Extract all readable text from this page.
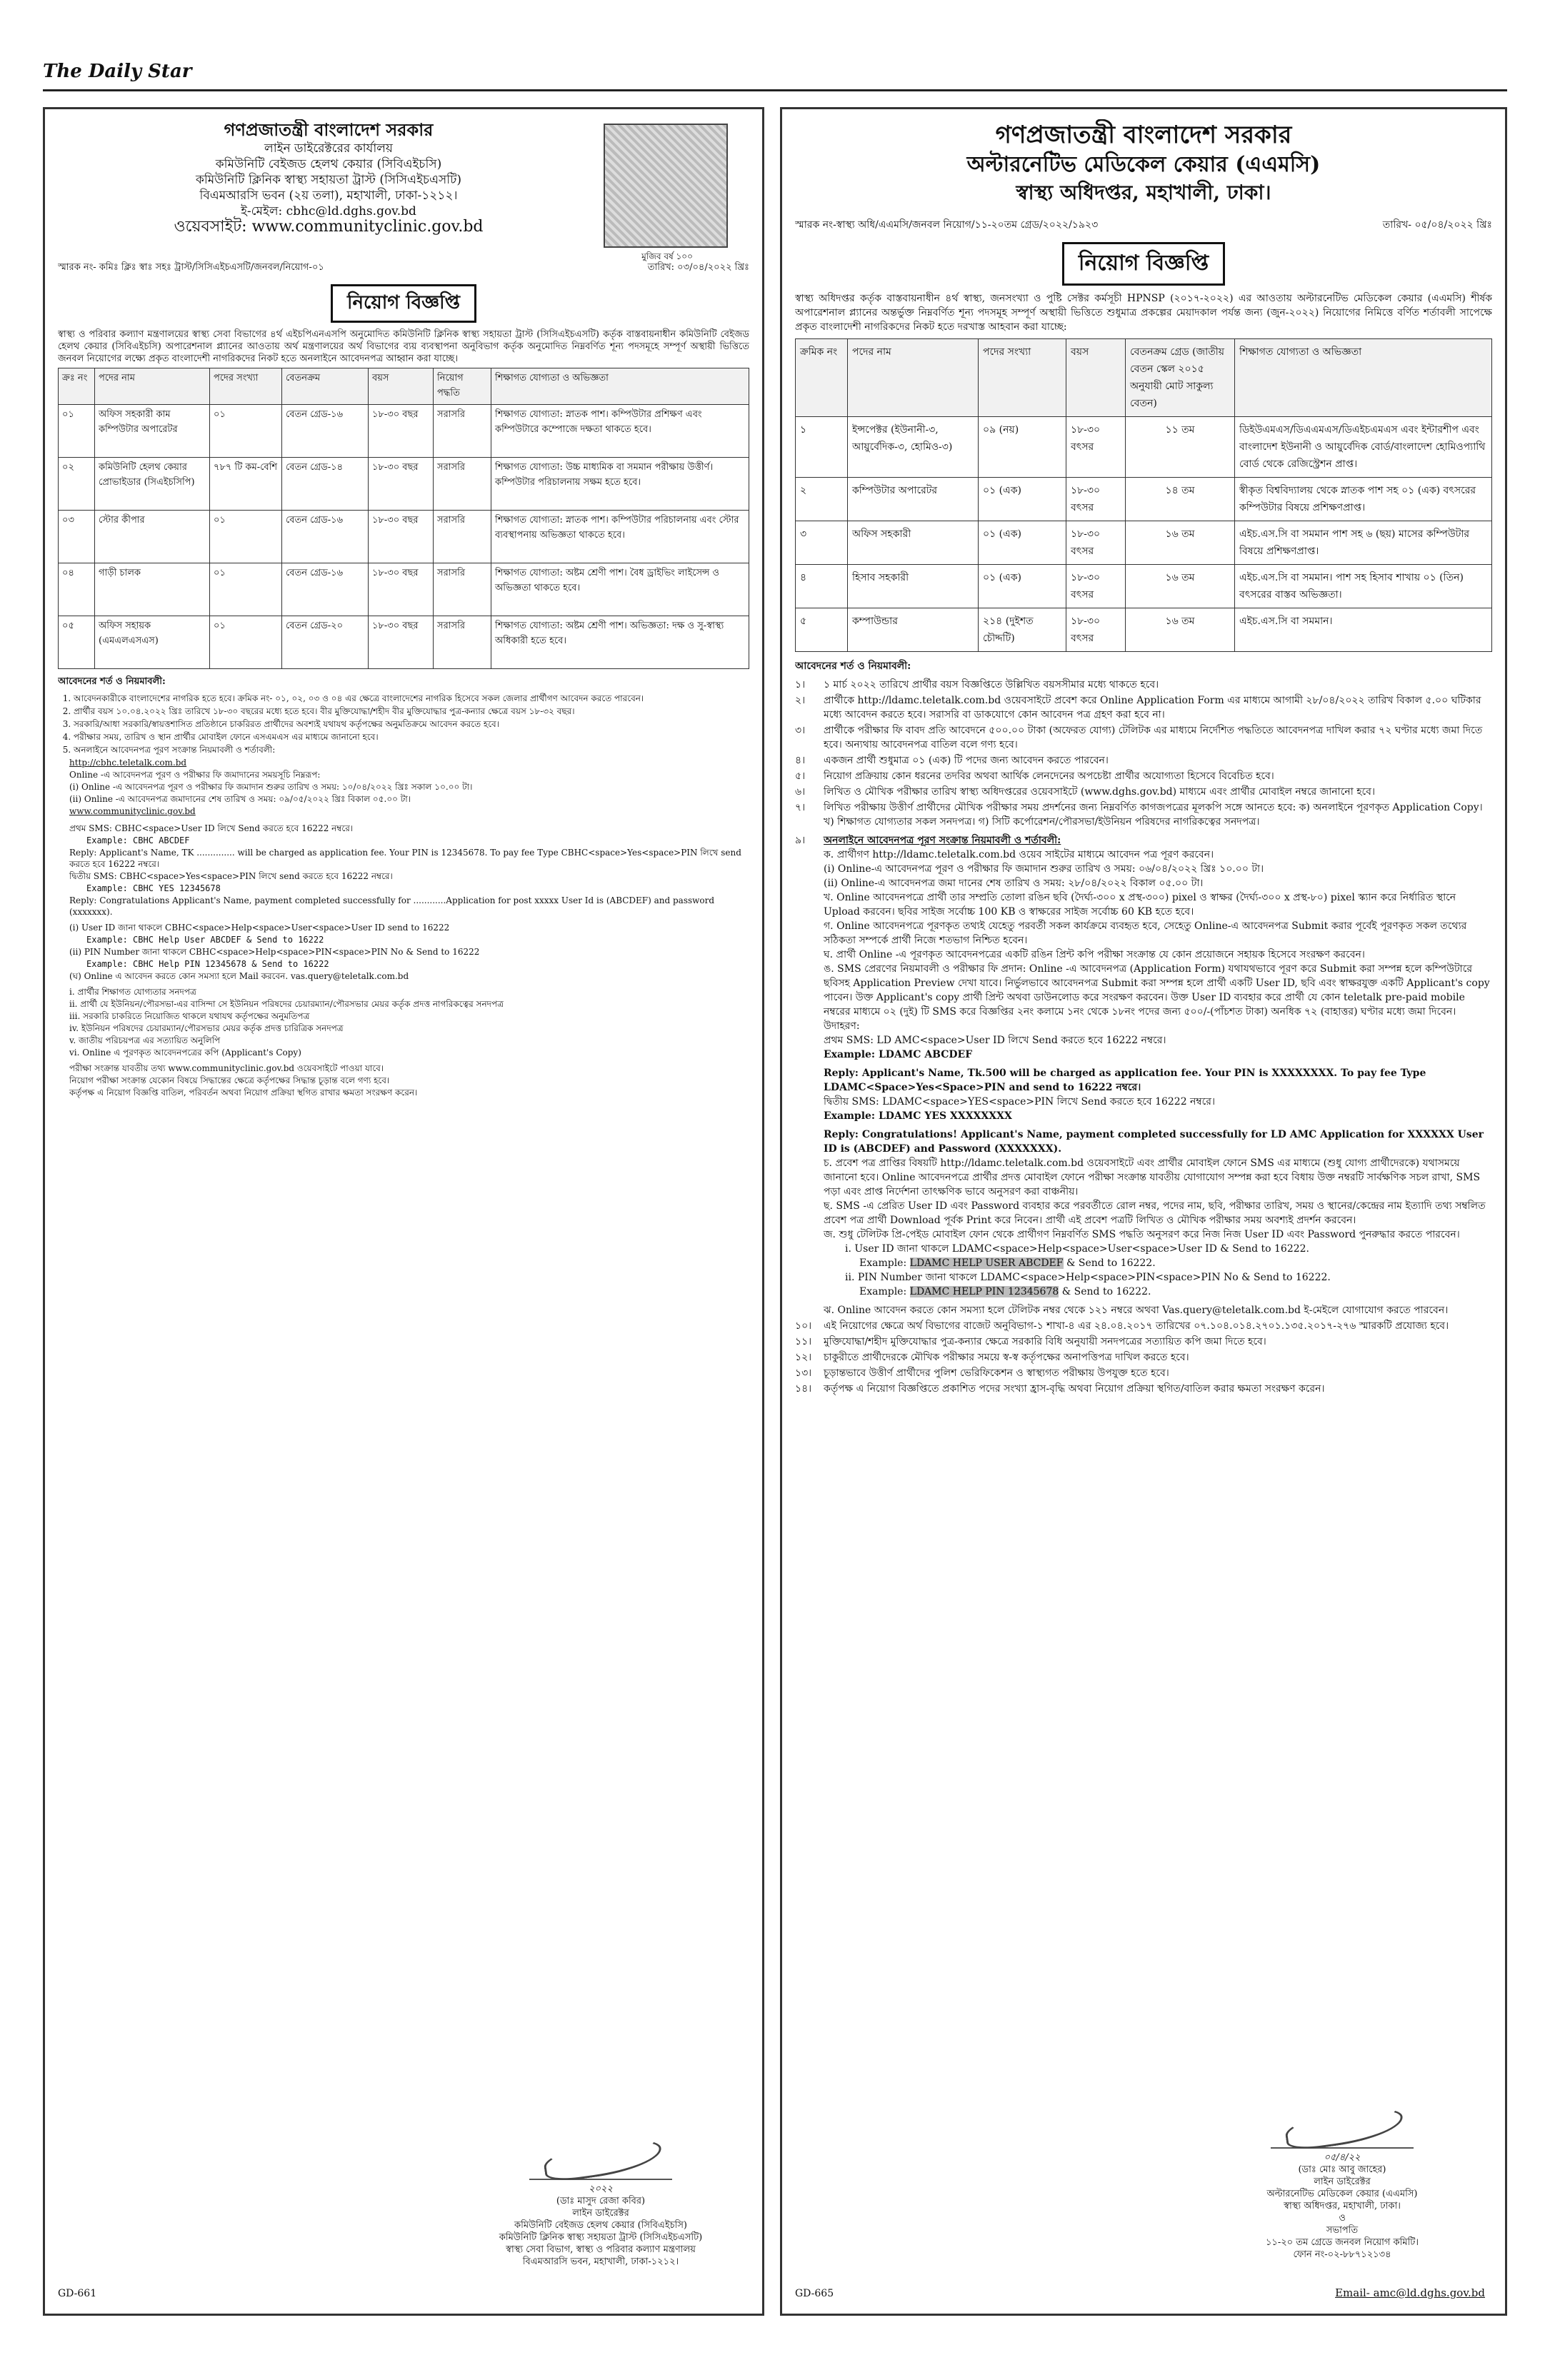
The Daily Star
মুজিব বর্ষ ১০০
গণপ্রজাতন্ত্রী বাংলাদেশ সরকার
লাইন ডাইরেক্টরের কার্যালয়
কমিউনিটি বেইজড হেলথ কেয়ার (সিবিএইচসি)
কমিউনিটি ক্লিনিক স্বাস্থ্য সহায়তা ট্রাস্ট (সিসিএইচএসটি)
বিএমআরসি ভবন (২য় তলা), মহাখালী, ঢাকা-১২১২।
ই-মেইল: cbhc@ld.dghs.gov.bd
ওয়েবসাইট: www.communityclinic.gov.bd
স্মারক নং- কমিঃ ক্লিঃ স্বাঃ সহঃ ট্রাস্ট/সিসিএইচএসটি/জনবল/নিয়োগ-০১	তারিখ: ০৩/০৪/২০২২ খ্রিঃ
নিয়োগ বিজ্ঞপ্তি
স্বাস্থ্য ও পরিবার কল্যাণ মন্ত্রণালয়ের স্বাস্থ্য সেবা বিভাগের ৪র্থ এইচপিএনএসপি অনুমোদিত কমিউনিটি ক্লিনিক স্বাস্থ্য সহায়তা ট্রাস্ট (সিসিএইচএসটি) কর্তৃক বাস্তবায়নাধীন কমিউনিটি বেইজড হেলথ কেয়ার (সিবিএইচসি) অপারেশনাল প্ল্যানের আওতায় অর্থ মন্ত্রণালয়ের অর্থ বিভাগের ব্যয় ব্যবস্থাপনা অনুবিভাগ কর্তৃক অনুমোদিত নিম্নবর্ণিত শূন্য পদসমূহে সম্পূর্ণ অস্থায়ী ভিত্তিতে জনবল নিয়োগের লক্ষ্যে প্রকৃত বাংলাদেশী নাগরিকদের নিকট হতে অনলাইনে আবেদনপত্র আহ্বান করা যাচ্ছে।
ক্রঃ নং	পদের নাম	পদের সংখ্যা	বেতনক্রম	বয়স	নিয়োগ পদ্ধতি	শিক্ষাগত যোগ্যতা ও অভিজ্ঞতা
০১	অফিস সহকারী কাম কম্পিউটার অপারেটর	০১	বেতন গ্রেড-১৬	১৮-৩০ বছর	সরাসরি	শিক্ষাগত যোগ্যতা: স্নাতক পাশ। কম্পিউটার প্রশিক্ষণ এবং কম্পিউটারে কম্পোজে দক্ষতা থাকতে হবে।
০২	কমিউনিটি হেলথ কেয়ার প্রোভাইডার (সিএইচসিপি)	৭৮৭ টি কম-বেশি	বেতন গ্রেড-১৪	১৮-৩০ বছর	সরাসরি	শিক্ষাগত যোগ্যতা: উচ্চ মাধ্যমিক বা সমমান পরীক্ষায় উত্তীর্ণ। কম্পিউটার পরিচালনায় সক্ষম হতে হবে।
০৩	স্টোর কীপার	০১	বেতন গ্রেড-১৬	১৮-৩০ বছর	সরাসরি	শিক্ষাগত যোগ্যতা: স্নাতক পাশ। কম্পিউটার পরিচালনায় এবং স্টোর ব্যবস্থাপনায় অভিজ্ঞতা থাকতে হবে।
০৪	গাড়ী চালক	০১	বেতন গ্রেড-১৬	১৮-৩০ বছর	সরাসরি	শিক্ষাগত যোগ্যতা: অষ্টম শ্রেণী পাশ। বৈধ ড্রাইভিং লাইসেন্স ও অভিজ্ঞতা থাকতে হবে।
০৫	অফিস সহায়ক (এমএলএসএস)	০১	বেতন গ্রেড-২০	১৮-৩০ বছর	সরাসরি	শিক্ষাগত যোগ্যতা: অষ্টম শ্রেণী পাশ। অভিজ্ঞতা: দক্ষ ও সু-স্বাস্থ্য অধিকারী হতে হবে।
আবেদনের শর্ত ও নিয়মাবলী:
1. আবেদনকারীকে বাংলাদেশের নাগরিক হতে হবে। ক্রমিক নং- ০১, ০২, ০৩ ও ০৪ এর ক্ষেত্রে বাংলাদেশের নাগরিক হিসেবে সকল জেলার প্রার্থীগণ আবেদন করতে পারবেন।
2. প্রার্থীর বয়স ১০.০৪.২০২২ খ্রিঃ তারিখে ১৮-৩০ বছরের মধ্যে হতে হবে। বীর মুক্তিযোদ্ধা/শহীদ বীর মুক্তিযোদ্ধার পুত্র-কন্যার ক্ষেত্রে বয়স ১৮-৩২ বছর।
3. সরকারি/আধা সরকারি/স্বায়ত্তশাসিত প্রতিষ্ঠানে চাকরিরত প্রার্থীদের অবশ্যই যথাযথ কর্তৃপক্ষের অনুমতিক্রমে আবেদন করতে হবে।
4. পরীক্ষার সময়, তারিখ ও স্থান প্রার্থীর মোবাইল ফোনে এসএমএস এর মাধ্যমে জানানো হবে।
5. অনলাইনে আবেদনপত্র পূরণ সংক্রান্ত নিয়মাবলী ও শর্তাবলী:
http://cbhc.teletalk.com.bd
Online -এ আবেদনপত্র পূরণ ও পরীক্ষার ফি জমাদানের সময়সূচি নিম্নরূপ:
(i) Online -এ আবেদনপত্র পূরণ ও পরীক্ষার ফি জমাদান শুরুর তারিখ ও সময়: ১০/০৪/২০২২ খ্রিঃ সকাল ১০.০০ টা।
(ii) Online -এ আবেদনপত্র জমাদানের শেষ তারিখ ও সময়: ০৯/০৫/২০২২ খ্রিঃ বিকাল ০৫.০০ টা।
www.communityclinic.gov.bd
প্রথম SMS: CBHC<space>User ID লিখে Send করতে হবে 16222 নম্বরে।
Example: CBHC ABCDEF
Reply: Applicant's Name, TK .............. will be charged as application fee. Your PIN is 12345678. To pay fee Type CBHC<space>Yes<space>PIN লিখে send করতে হবে 16222 নম্বরে।
দ্বিতীয় SMS: CBHC<space>Yes<space>PIN লিখে send করতে হবে 16222 নম্বরে।
Example: CBHC YES 12345678
Reply: Congratulations Applicant's Name, payment completed successfully for ............Application for post xxxxx User Id is (ABCDEF) and password (xxxxxxx).
(i) User ID জানা থাকলে CBHC<space>Help<space>User<space>User ID send to 16222
Example: CBHC Help User ABCDEF & Send to 16222
(ii) PIN Number জানা থাকলে CBHC<space>Help<space>PIN<space>PIN No & Send to 16222
Example: CBHC Help PIN 12345678 & Send to 16222
(ঘ) Online এ আবেদন করতে কোন সমস্যা হলে Mail করবেন. vas.query@teletalk.com.bd
i. প্রার্থীর শিক্ষাগত যোগ্যতার সনদপত্র
ii. প্রার্থী যে ইউনিয়ন/পৌরসভা-এর বাসিন্দা সে ইউনিয়ন পরিষদের চেয়ারম্যান/পৌরসভার মেয়র কর্তৃক প্রদত্ত নাগরিকত্বের সনদপত্র
iii. সরকারি চাকরিতে নিয়োজিত থাকলে যথাযথ কর্তৃপক্ষের অনুমতিপত্র
iv. ইউনিয়ন পরিষদের চেয়ারম্যান/পৌরসভার মেয়র কর্তৃক প্রদত্ত চারিত্রিক সনদপত্র
v. জাতীয় পরিচয়পত্র এর সত্যায়িত অনুলিপি
vi. Online এ পূরণকৃত আবেদনপত্রের কপি (Applicant's Copy)
পরীক্ষা সংক্রান্ত যাবতীয় তথ্য www.communityclinic.gov.bd ওয়েবসাইটে পাওয়া যাবে।
নিয়োগ পরীক্ষা সংক্রান্ত যেকোন বিষয়ে সিদ্ধান্তের ক্ষেত্রে কর্তৃপক্ষের সিদ্ধান্ত চূড়ান্ত বলে গণ্য হবে।
কর্তৃপক্ষ এ নিয়োগ বিজ্ঞপ্তি বাতিল, পরিবর্তন অথবা নিয়োগ প্রক্রিয়া স্থগিত রাখার ক্ষমতা সংরক্ষণ করেন।
২০২২
(ডাঃ মাসুদ রেজা কবির)
লাইন ডাইরেক্টর
কমিউনিটি বেইজড হেলথ কেয়ার (সিবিএইচসি)
কমিউনিটি ক্লিনিক স্বাস্থ্য সহায়তা ট্রাস্ট (সিসিএইচএসটি)
স্বাস্থ্য সেবা বিভাগ, স্বাস্থ্য ও পরিবার কল্যাণ মন্ত্রণালয়
বিএমআরসি ভবন, মহাখালী, ঢাকা-১২১২।
GD-661
গণপ্রজাতন্ত্রী বাংলাদেশ সরকার
অল্টারনেটিভ মেডিকেল কেয়ার (এএমসি)
স্বাস্থ্য অধিদপ্তর, মহাখালী, ঢাকা।
স্মারক নং-স্বাস্থ্য অধি/এএমসি/জনবল নিয়োগ/১১-২০তম গ্রেড/২০২২/১৯২৩	তারিখ- ০৫/০৪/২০২২ খ্রিঃ
নিয়োগ বিজ্ঞপ্তি
স্বাস্থ্য অধিদপ্তর কর্তৃক বাস্তবায়নাধীন ৪র্থ স্বাস্থ্য, জনসংখ্যা ও পুষ্টি সেক্টর কর্মসূচী HPNSP (২০১৭-২০২২) এর আওতায় অল্টারনেটিভ মেডিকেল কেয়ার (এএমসি) শীর্ষক অপারেশনাল প্ল্যানের অন্তর্ভুক্ত নিম্নবর্ণিত শূন্য পদসমূহ সম্পূর্ণ অস্থায়ী ভিত্তিতে শুধুমাত্র প্রকল্পের মেয়াদকাল পর্যন্ত জন্য (জুন-২০২২) নিয়োগের নিমিত্তে বর্ণিত শর্তাবলী সাপেক্ষে প্রকৃত বাংলাদেশী নাগরিকদের নিকট হতে দরখাস্ত আহবান করা যাচ্ছে:
ক্রমিক নং	পদের নাম	পদের সংখ্যা	বয়স	বেতনক্রম গ্রেড (জাতীয় বেতন স্কেল ২০১৫ অনুযায়ী মোট সাকুল্য বেতন)	শিক্ষাগত যোগ্যতা ও অভিজ্ঞতা
১	ইন্সপেক্টর (ইউনানী-৩, আয়ুর্বেদিক-৩, হোমিও-৩)	০৯ (নয়)	১৮-৩০ বৎসর	১১ তম	ডিইউএমএস/ডিএএমএস/ডিএইচএমএস এবং ইন্টারশীপ এবং বাংলাদেশ ইউনানী ও আয়ুর্বেদিক বোর্ড/বাংলাদেশ হোমিওপ্যাথি বোর্ড থেকে রেজিস্ট্রেশন প্রাপ্ত।
২	কম্পিউটার অপারেটর	০১ (এক)	১৮-৩০ বৎসর	১৪ তম	স্বীকৃত বিশ্ববিদ্যালয় থেকে স্নাতক পাশ সহ ০১ (এক) বৎসরের কম্পিউটার বিষয়ে প্রশিক্ষণপ্রাপ্ত।
৩	অফিস সহকারী	০১ (এক)	১৮-৩০ বৎসর	১৬ তম	এইচ.এস.সি বা সমমান পাশ সহ ৬ (ছয়) মাসের কম্পিউটার বিষয়ে প্রশিক্ষণপ্রাপ্ত।
৪	হিসাব সহকারী	০১ (এক)	১৮-৩০ বৎসর	১৬ তম	এইচ.এস.সি বা সমমান। পাশ সহ হিসাব শাখায় ০১ (তিন) বৎসরের বাস্তব অভিজ্ঞতা।
৫	কম্পাউন্ডার	২১৪ (দুইশত চৌদ্দটি)	১৮-৩০ বৎসর	১৬ তম	এইচ.এস.সি বা সমমান।
আবেদনের শর্ত ও নিয়মাবলী:
১।	১ মার্চ ২০২২ তারিখে প্রার্থীর বয়স বিজ্ঞপ্তিতে উল্লিখিত বয়সসীমার মধ্যে থাকতে হবে।
২।	প্রার্থীকে http://ldamc.teletalk.com.bd ওয়েবসাইটে প্রবেশ করে Online Application Form এর মাধ্যমে আগামী ২৮/০৪/২০২২ তারিখ বিকাল ৫.০০ ঘটিকার মধ্যে আবেদন করতে হবে। সরাসরি বা ডাকযোগে কোন আবেদন পত্র গ্রহণ করা হবে না।
৩।	প্রার্থীকে পরীক্ষার ফি বাবদ প্রতি আবেদনে ৫০০.০০ টাকা (অফেরত যোগ্য) টেলিটক এর মাধ্যমে নির্দেশিত পদ্ধতিতে আবেদনপত্র দাখিল করার ৭২ ঘণ্টার মধ্যে জমা দিতে হবে। অন্যথায় আবেদনপত্র বাতিল বলে গণ্য হবে।
৪।	একজন প্রার্থী শুধুমাত্র ০১ (এক) টি পদের জন্য আবেদন করতে পারবেন।
৫।	নিয়োগ প্রক্রিয়ায় কোন ধরনের তদবির অথবা আর্থিক লেনদেনের অপচেষ্টা প্রার্থীর অযোগ্যতা হিসেবে বিবেচিত হবে।
৬।	লিখিত ও মৌখিক পরীক্ষার তারিখ স্বাস্থ্য অধিদপ্তরের ওয়েবসাইটে (www.dghs.gov.bd) মাধ্যমে এবং প্রার্থীর মোবাইল নম্বরে জানানো হবে।
৭।	লিখিত পরীক্ষায় উত্তীর্ণ প্রার্থীদের মৌখিক পরীক্ষার সময় প্রদর্শনের জন্য নিম্নবর্ণিত কাগজপত্রের মূলকপি সঙ্গে আনতে হবে: ক) অনলাইনে পূরণকৃত Application Copy। খ) শিক্ষাগত যোগ্যতার সকল সনদপত্র। গ) সিটি কর্পোরেশন/পৌরসভা/ইউনিয়ন পরিষদের নাগরিকত্বের সনদপত্র।
৯।	অনলাইনে আবেদনপত্র পূরণ সংক্রান্ত নিয়মাবলী ও শর্তাবলী:
ক. প্রার্থীগণ http://ldamc.teletalk.com.bd ওয়েব সাইটের মাধ্যমে আবেদন পত্র পূরণ করবেন।
(i) Online-এ আবেদনপত্র পূরণ ও পরীক্ষার ফি জমাদান শুরুর তারিখ ও সময়: ০৬/০৪/২০২২ খ্রিঃ ১০.০০ টা।
(ii) Online-এ আবেদনপত্র জমা দানের শেষ তারিখ ও সময়: ২৮/০৪/২০২২ বিকাল ০৫.০০ টা।
খ. Online আবেদনপত্রে প্রার্থী তার সম্প্রতি তোলা রঙিন ছবি (দৈর্ঘ্য-৩০০ x প্রস্থ-৩০০) pixel ও স্বাক্ষর (দৈর্ঘ্য-৩০০ x প্রস্থ-৮০) pixel স্ক্যান করে নির্ধারিত স্থানে Upload করবেন। ছবির সাইজ সর্বোচ্চ 100 KB ও স্বাক্ষরের সাইজ সর্বোচ্চ 60 KB হতে হবে।
গ. Online আবেদনপত্রে পূরণকৃত তথ্যই যেহেতু পরবর্তী সকল কার্যক্রমে ব্যবহৃত হবে, সেহেতু Online-এ আবেদনপত্র Submit করার পূর্বেই পূরণকৃত সকল তথ্যের সঠিকতা সম্পর্কে প্রার্থী নিজে শতভাগ নিশ্চিত হবেন।
ঘ. প্রার্থী Online -এ পূরণকৃত আবেদনপত্রের একটি রঙিন প্রিন্ট কপি পরীক্ষা সংক্রান্ত যে কোন প্রয়োজনে সহায়ক হিসেবে সংরক্ষণ করবেন।
ঙ. SMS প্রেরণের নিয়মাবলী ও পরীক্ষার ফি প্রদান: Online -এ আবেদনপত্র (Application Form) যথাযথভাবে পূরণ করে Submit করা সম্পন্ন হলে কম্পিউটারে ছবিসহ Application Preview দেখা যাবে। নির্ভুলভাবে আবেদনপত্র Submit করা সম্পন্ন হলে প্রার্থী একটি User ID, ছবি এবং স্বাক্ষরযুক্ত একটি Applicant's copy পাবেন। উক্ত Applicant's copy প্রার্থী প্রিন্ট অথবা ডাউনলোড করে সংরক্ষণ করবেন। উক্ত User ID ব্যবহার করে প্রার্থী যে কোন teletalk pre-paid mobile নম্বরের মাধ্যমে ০২ (দুই) টি SMS করে বিজ্ঞপ্তির ২নং কলামে ১নং থেকে ১৮নং পদের জন্য ৫০০/-(পাঁচশত টাকা) অনধিক ৭২ (বাহাত্তর) ঘণ্টার মধ্যে জমা দিবেন।
উদাহরণ:
প্রথম SMS: LD AMC<space>User ID লিখে Send করতে হবে 16222 নম্বরে।
Example: LDAMC ABCDEF
Reply: Applicant's Name, Tk.500 will be charged as application fee. Your PIN is XXXXXXXX. To pay fee Type LDAMC<Space>Yes<Space>PIN and send to 16222 নম্বরে।
দ্বিতীয় SMS: LDAMC<space>YES<space>PIN লিখে Send করতে হবে 16222 নম্বরে।
Example: LDAMC YES XXXXXXXX
Reply: Congratulations! Applicant's Name, payment completed successfully for LD AMC Application for XXXXXX User ID is (ABCDEF) and Password (XXXXXXX).
চ. প্রবেশ পত্র প্রাপ্তির বিষয়টি http://ldamc.teletalk.com.bd ওয়েবসাইটে এবং প্রার্থীর মোবাইল ফোনে SMS এর মাধ্যমে (শুধু যোগ্য প্রার্থীদেরকে) যথাসময়ে জানানো হবে। Online আবেদনপত্রে প্রার্থীর প্রদত্ত মোবাইল ফোনে পরীক্ষা সংক্রান্ত যাবতীয় যোগাযোগ সম্পন্ন করা হবে বিধায় উক্ত নম্বরটি সার্বক্ষণিক সচল রাখা, SMS পড়া এবং প্রাপ্ত নির্দেশনা তাৎক্ষণিক ভাবে অনুসরণ করা বাঞ্চনীয়।
ছ. SMS -এ প্রেরিত User ID এবং Password ব্যবহার করে পরবর্তীতে রোল নম্বর, পদের নাম, ছবি, পরীক্ষার তারিখ, সময় ও স্থানের/কেন্দ্রের নাম ইত্যাদি তথ্য সম্বলিত প্রবেশ পত্র প্রার্থী Download পূর্বক Print করে নিবেন। প্রার্থী এই প্রবেশ পত্রটি লিখিত ও মৌখিক পরীক্ষার সময় অবশ্যই প্রদর্শন করবেন।
জ. শুধু টেলিটক প্রি-পেইড মোবাইল ফোন থেকে প্রার্থীগণ নিম্নবর্ণিত SMS পদ্ধতি অনুসরণ করে নিজ নিজ User ID এবং Password পুনরুদ্ধার করতে পারবেন।
i. User ID জানা থাকলে LDAMC<space>Help<space>User<space>User ID & Send to 16222.
Example: LDAMC HELP USER ABCDEF & Send to 16222.
ii. PIN Number জানা থাকলে LDAMC<space>Help<space>PIN<space>PIN No & Send to 16222.
Example: LDAMC HELP PIN 12345678 & Send to 16222.
ঝ. Online আবেদন করতে কোন সমস্যা হলে টেলিটক নম্বর থেকে ১২১ নম্বরে অথবা Vas.query@teletalk.com.bd ই-মেইলে যোগাযোগ করতে পারবেন।
১০।	এই নিয়োগের ক্ষেত্রে অর্থ বিভাগের বাজেট অনুবিভাগ-১ শাখা-৪ এর ২৪.০৪.২০১৭ তারিখের ০৭.১০৪.০১৪.২৭০১.১৩৫.২০১৭-২৭৬ স্মারকটি প্রযোজ্য হবে।
১১।	মুক্তিযোদ্ধা/শহীদ মুক্তিযোদ্ধার পুত্র-কন্যার ক্ষেত্রে সরকারি বিধি অনুযায়ী সনদপত্রের সত্যায়িত কপি জমা দিতে হবে।
১২।	চাকুরীতে প্রার্থীদেরকে মৌখিক পরীক্ষার সময়ে স্ব-স্ব কর্তৃপক্ষের অনাপত্তিপত্র দাখিল করতে হবে।
১৩।	চূড়ান্তভাবে উত্তীর্ণ প্রার্থীদের পুলিশ ভেরিফিকেশন ও স্বাস্থ্যগত পরীক্ষায় উপযুক্ত হতে হবে।
১৪।	কর্তৃপক্ষ এ নিয়োগ বিজ্ঞপ্তিতে প্রকাশিত পদের সংখ্যা হ্রাস-বৃদ্ধি অথবা নিয়োগ প্রক্রিয়া স্থগিত/বাতিল করার ক্ষমতা সংরক্ষণ করেন।
০৫/৪/২২
(ডাঃ মোঃ আবু জাহের)
লাইন ডাইরেক্টর
অল্টারনেটিভ মেডিকেল কেয়ার (এএমসি)
স্বাস্থ্য অধিদপ্তর, মহাখালী, ঢাকা।
ও
সভাপতি
১১-২০ তম গ্রেডে জনবল নিয়োগ কমিটি।
ফোন নং-০২-৮৮৭১২১৩৪
Email- amc@ld.dghs.gov.bd
GD-665
